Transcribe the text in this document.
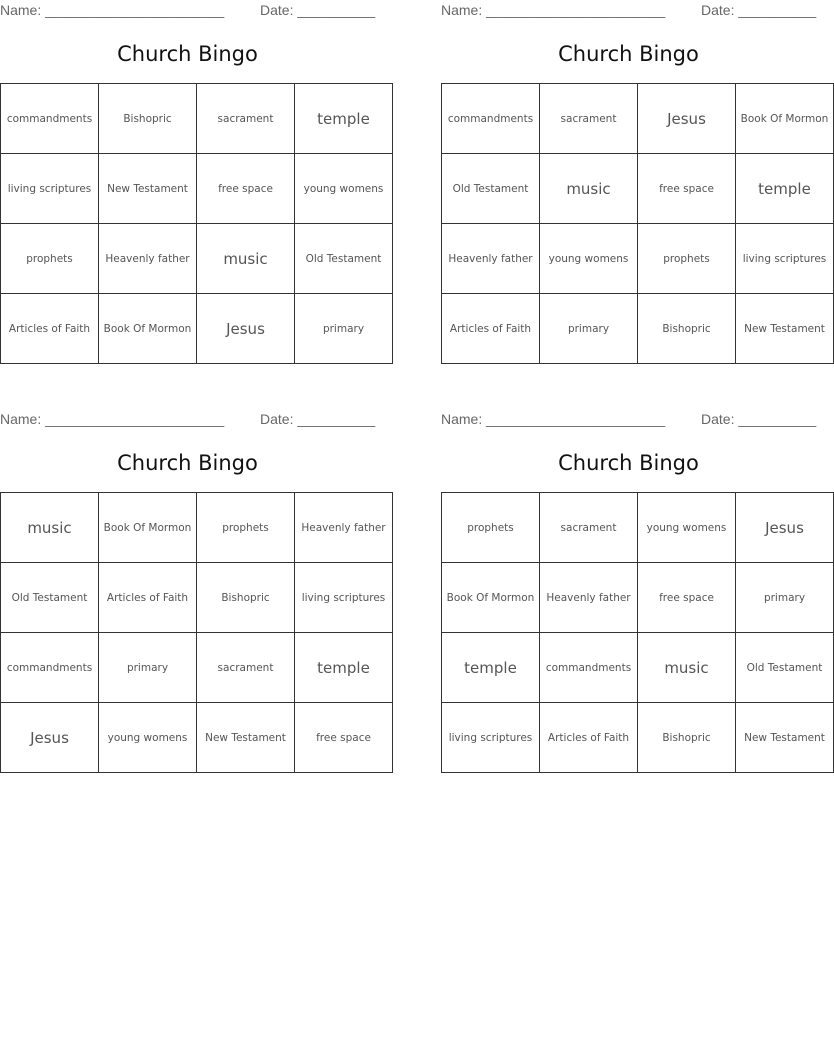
Name: _______________________	Date: __________
Church Bingo
commandments	Bishopric	sacrament	temple
living scriptures	New Testament	free space	young womens
prophets	Heavenly father	music	Old Testament
Articles of Faith	Book Of Mormon	Jesus	primary
Name: _______________________	Date: __________
Church Bingo
commandments	sacrament	Jesus	Book Of Mormon
Old Testament	music	free space	temple
Heavenly father	young womens	prophets	living scriptures
Articles of Faith	primary	Bishopric	New Testament
Name: _______________________	Date: __________
Church Bingo
music	Book Of Mormon	prophets	Heavenly father
Old Testament	Articles of Faith	Bishopric	living scriptures
commandments	primary	sacrament	temple
Jesus	young womens	New Testament	free space
Name: _______________________	Date: __________
Church Bingo
prophets	sacrament	young womens	Jesus
Book Of Mormon	Heavenly father	free space	primary
temple	commandments	music	Old Testament
living scriptures	Articles of Faith	Bishopric	New Testament
